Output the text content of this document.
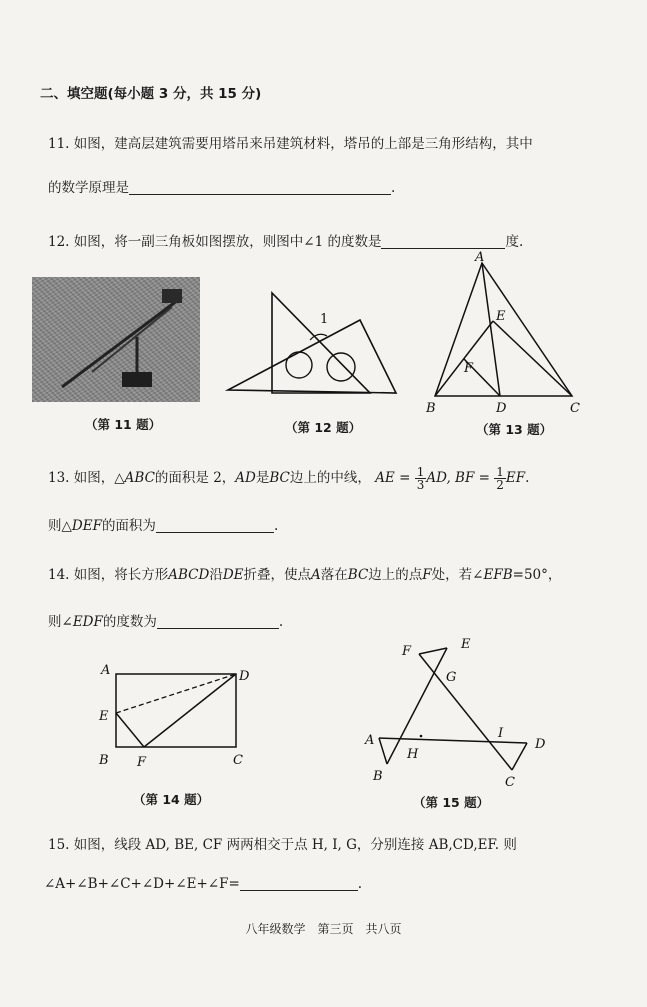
二、填空题(每小题 3 分，共 15 分)
11. 如图，建高层建筑需要用塔吊来吊建筑材料，塔吊的上部是三角形结构，其中
的数学原理是	.
12. 如图，将一副三角板如图摆放，则图中∠1 的度数是	度.
（第 11 题）
1
（第 12 题）
A
B	C
D
E
F
（第 13 题）
13. 如图，△ABC的面积是 2，AD是BC边上的中线， AE = $\frac{1}{3}$ AD, BF = $\frac{1}{2}$ EF.
则△DEF的面积为	.
14. 如图，将长方形ABCD沿DE折叠，使点A落在BC边上的点F处，若∠EFB=50°，
则∠EDF的度数为	.
A	D
E
B F	C
（第 14 题）
F	E
G
A
H
I
D
B	C
（第 15 题）
15. 如图，线段 AD, BE, CF 两两相交于点 H, I, G，分别连接 AB,CD,EF. 则
∠A+∠B+∠C+∠D+∠E+∠F=	.
八年级数学　第三页　共八页
